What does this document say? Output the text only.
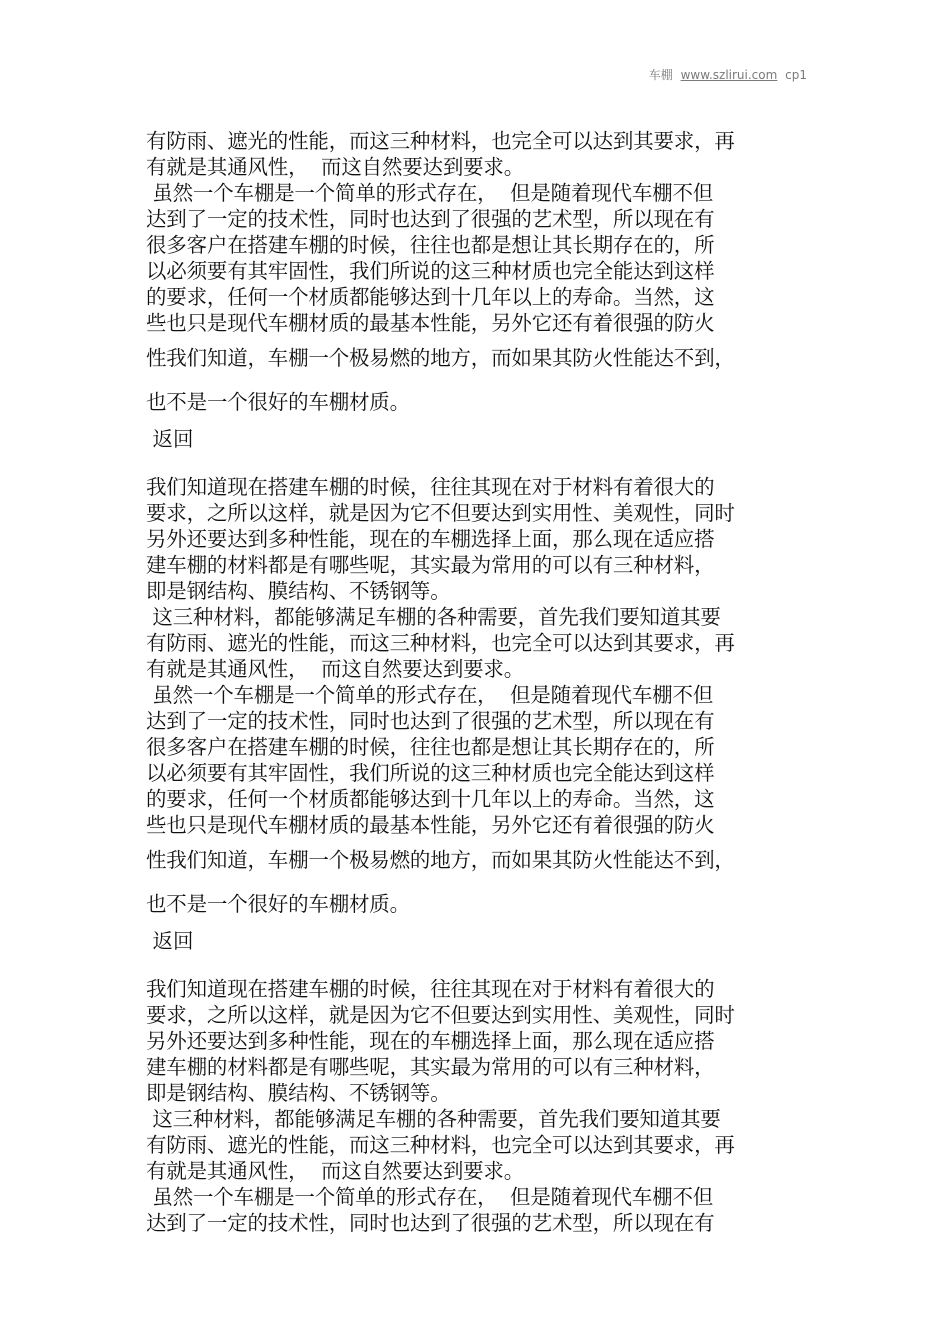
车棚 www.szlirui.com cp1
有防雨、遮光的性能，而这三种材料，也完全可以达到其要求，再
有就是其通风性，  而这自然要达到要求。
虽然一个车棚是一个简单的形式存在，  但是随着现代车棚不但
达到了一定的技术性，同时也达到了很强的艺术型，所以现在有
很多客户在搭建车棚的时候，往往也都是想让其长期存在的，所
以必须要有其牢固性，我们所说的这三种材质也完全能达到这样
的要求，任何一个材质都能够达到十几年以上的寿命。当然，这
些也只是现代车棚材质的最基本性能，另外它还有着很强的防火
性我们知道，车棚一个极易燃的地方，而如果其防火性能达不到，
也不是一个很好的车棚材质。
返回
我们知道现在搭建车棚的时候，往往其现在对于材料有着很大的
要求，之所以这样，就是因为它不但要达到实用性、美观性，同时
另外还要达到多种性能，现在的车棚选择上面，那么现在适应搭
建车棚的材料都是有哪些呢，其实最为常用的可以有三种材料，
即是钢结构、膜结构、不锈钢等。
这三种材料，都能够满足车棚的各种需要，首先我们要知道其要
有防雨、遮光的性能，而这三种材料，也完全可以达到其要求，再
有就是其通风性，  而这自然要达到要求。
虽然一个车棚是一个简单的形式存在，  但是随着现代车棚不但
达到了一定的技术性，同时也达到了很强的艺术型，所以现在有
很多客户在搭建车棚的时候，往往也都是想让其长期存在的，所
以必须要有其牢固性，我们所说的这三种材质也完全能达到这样
的要求，任何一个材质都能够达到十几年以上的寿命。当然，这
些也只是现代车棚材质的最基本性能，另外它还有着很强的防火
性我们知道，车棚一个极易燃的地方，而如果其防火性能达不到，
也不是一个很好的车棚材质。
返回
我们知道现在搭建车棚的时候，往往其现在对于材料有着很大的
要求，之所以这样，就是因为它不但要达到实用性、美观性，同时
另外还要达到多种性能，现在的车棚选择上面，那么现在适应搭
建车棚的材料都是有哪些呢，其实最为常用的可以有三种材料，
即是钢结构、膜结构、不锈钢等。
这三种材料，都能够满足车棚的各种需要，首先我们要知道其要
有防雨、遮光的性能，而这三种材料，也完全可以达到其要求，再
有就是其通风性，  而这自然要达到要求。
虽然一个车棚是一个简单的形式存在，  但是随着现代车棚不但
达到了一定的技术性，同时也达到了很强的艺术型，所以现在有
